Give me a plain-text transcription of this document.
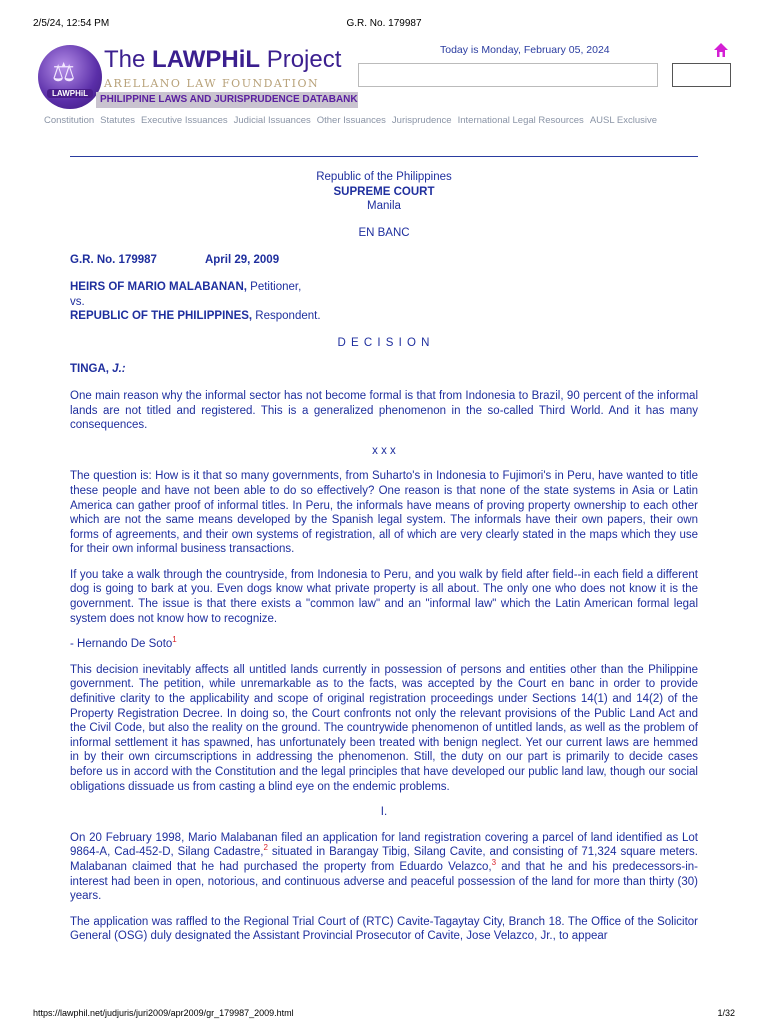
2/5/24, 12:54 PM	G.R. No. 179987
⚖
LAWPHiL
The LAWPHiL Project
ARELLANO LAW FOUNDATION
PHILIPPINE LAWS AND JURISPRUDENCE DATABANK
Today is Monday, February 05, 2024
Constitution Statutes Executive Issuances Judicial Issuances Other Issuances Jurisprudence International Legal Resources AUSL Exclusive
Republic of the Philippines
SUPREME COURT
Manila
EN BANC
G.R. No. 179987	April 29, 2009
HEIRS OF MARIO MALABANAN, Petitioner,
vs.
REPUBLIC OF THE PHILIPPINES, Respondent.
D E C I S I O N
TINGA, J.:

One main reason why the informal sector has not become formal is that from Indonesia to Brazil, 90 percent of the informal lands are not titled and registered. This is a generalized phenomenon in the so-called Third World. And it has many consequences.

x x x

The question is: How is it that so many governments, from Suharto's in Indonesia to Fujimori's in Peru, have wanted to title these people and have not been able to do so effectively? One reason is that none of the state systems in Asia or Latin America can gather proof of informal titles. In Peru, the informals have means of proving property ownership to each other which are not the same means developed by the Spanish legal system. The informals have their own papers, their own forms of agreements, and their own systems of registration, all of which are very clearly stated in the maps which they use for their own informal business transactions.

If you take a walk through the countryside, from Indonesia to Peru, and you walk by field after field--in each field a different dog is going to bark at you. Even dogs know what private property is all about. The only one who does not know it is the government. The issue is that there exists a "common law" and an "informal law" which the Latin American formal legal system does not know how to recognize.

- Hernando De Soto$^1$

This decision inevitably affects all untitled lands currently in possession of persons and entities other than the Philippine government. The petition, while unremarkable as to the facts, was accepted by the Court en banc in order to provide definitive clarity to the applicability and scope of original registration proceedings under Sections 14(1) and 14(2) of the Property Registration Decree. In doing so, the Court confronts not only the relevant provisions of the Public Land Act and the Civil Code, but also the reality on the ground. The countrywide phenomenon of untitled lands, as well as the problem of informal settlement it has spawned, has unfortunately been treated with benign neglect. Yet our current laws are hemmed in by their own circumscriptions in addressing the phenomenon. Still, the duty on our part is primarily to decide cases before us in accord with the Constitution and the legal principles that have developed our public land law, though our social obligations dissuade us from casting a blind eye on the endemic problems.

I.

On 20 February 1998, Mario Malabanan filed an application for land registration covering a parcel of land identified as Lot 9864-A, Cad-452-D, Silang Cadastre,$^2$ situated in Barangay Tibig, Silang Cavite, and consisting of 71,324 square meters. Malabanan claimed that he had purchased the property from Eduardo Velazco,$^3$ and that he and his predecessors-in-interest had been in open, notorious, and continuous adverse and peaceful possession of the land for more than thirty (30) years.

The application was raffled to the Regional Trial Court of (RTC) Cavite-Tagaytay City, Branch 18. The Office of the Solicitor General (OSG) duly designated the Assistant Provincial Prosecutor of Cavite, Jose Velazco, Jr., to appear

https://lawphil.net/judjuris/juri2009/apr2009/gr_179987_2009.html	1/32
